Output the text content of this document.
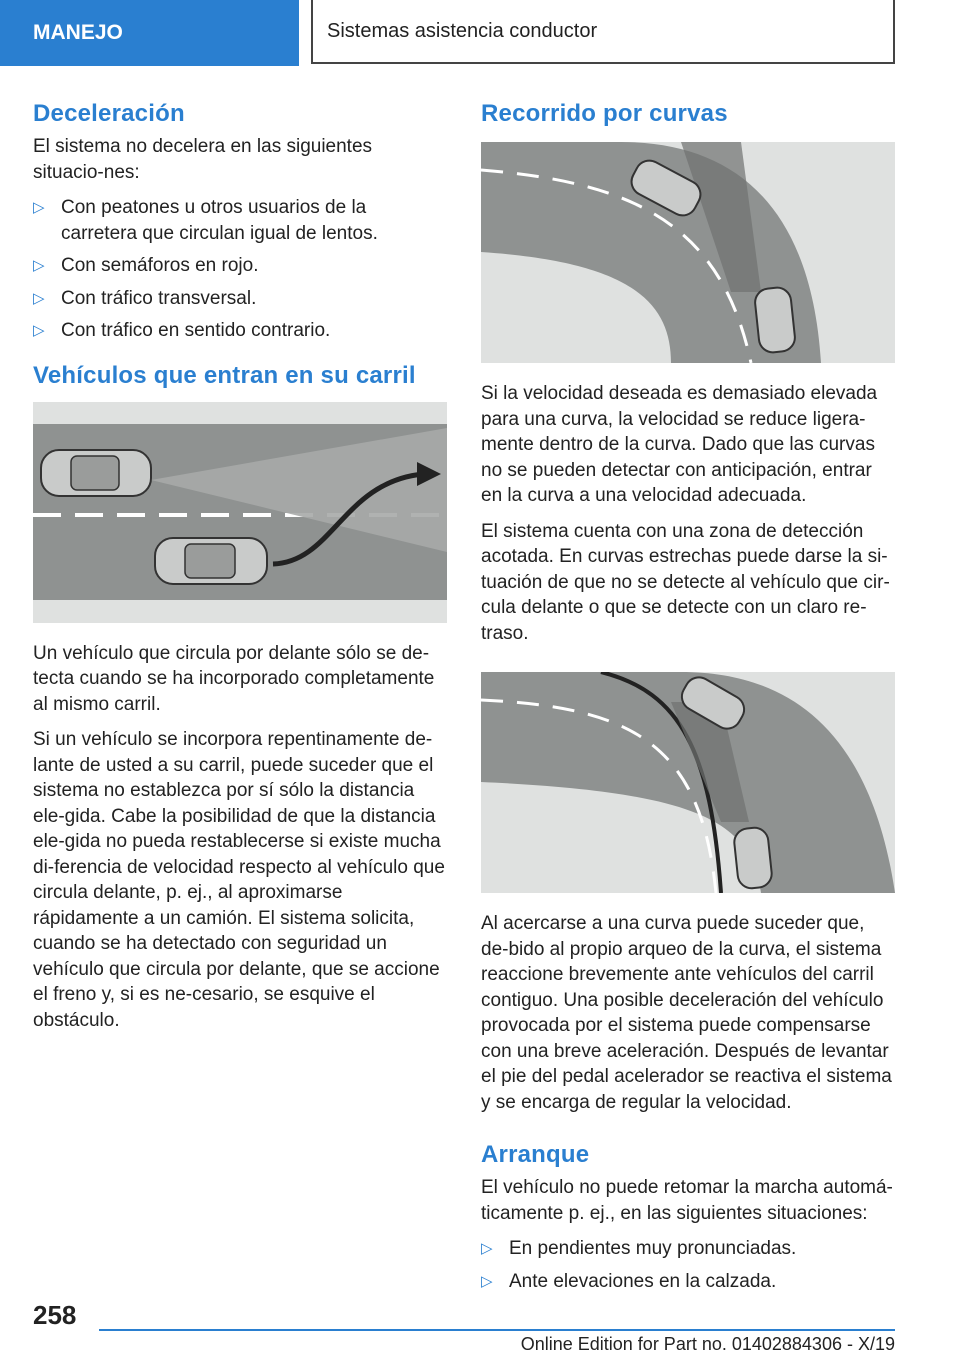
MANEJO	Sistemas asistencia conductor
Deceleración

El sistema no decelera en las siguientes situacio-nes:

▷ Con peatones u otros usuarios de la carretera que circulan igual de lentos.
▷ Con semáforos en rojo.
▷ Con tráfico transversal.
▷ Con tráfico en sentido contrario.
Vehículos que entran en su carril

Un vehículo que circula por delante sólo se de-tecta cuando se ha incorporado completamente al mismo carril.

Si un vehículo se incorpora repentinamente de-lante de usted a su carril, puede suceder que el sistema no establezca por sí sólo la distancia ele-gida. Cabe la posibilidad de que la distancia ele-gida no pueda restablecerse si existe mucha di-ferencia de velocidad respecto al vehículo que circula delante, p. ej., al aproximarse rápidamente a un camión. El sistema solicita, cuando se ha detectado con seguridad un vehículo que circula por delante, que se accione el freno y, si es ne-cesario, se esquive el obstáculo.

Recorrido por curvas

Si la velocidad deseada es demasiado elevada para una curva, la velocidad se reduce ligera-mente dentro de la curva. Dado que las curvas no se pueden detectar con anticipación, entrar en la curva a una velocidad adecuada.

El sistema cuenta con una zona de detección acotada. En curvas estrechas puede darse la si-tuación de que no se detecte al vehículo que cir-cula delante o que se detecte con un claro re-traso.

Al acercarse a una curva puede suceder que, de-bido al propio arqueo de la curva, el sistema reaccione brevemente ante vehículos del carril contiguo. Una posible deceleración del vehículo provocada por el sistema puede compensarse con una breve aceleración. Después de levantar el pie del pedal acelerador se reactiva el sistema y se encarga de regular la velocidad.

Arranque

El vehículo no puede retomar la marcha automá-ticamente p. ej., en las siguientes situaciones:

▷ En pendientes muy pronunciadas.
▷ Ante elevaciones en la calzada.
258
Online Edition for Part no. 01402884306 - X/19
